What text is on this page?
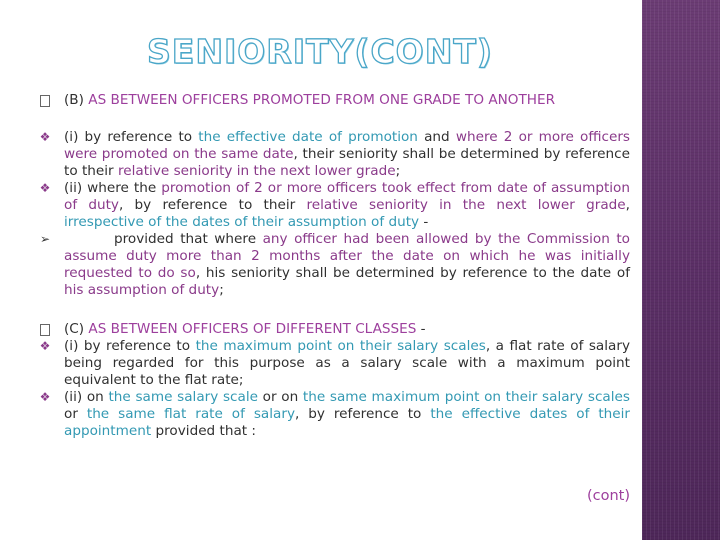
SENIORITY(CONT)
(B) AS BETWEEN OFFICERS PROMOTED FROM ONE GRADE TO ANOTHER
❖ (i) by reference to the effective date of promotion and where 2 or more officers were promoted on the same date, their seniority shall be determined by reference to their relative seniority in the next lower grade;
❖ (ii) where the promotion of 2 or more officers took effect from date of assumption of duty, by reference to their relative seniority in the next lower grade, irrespective of the dates of their assumption of duty -
➢	provided that where any officer had been allowed by the Commission to assume duty more than 2 months after the date on which he was initially requested to do so, his seniority shall be determined by reference to the date of his assumption of duty;
(C) AS BETWEEN OFFICERS OF DIFFERENT CLASSES -
❖ (i) by reference to the maximum point on their salary scales, a flat rate of salary being regarded for this purpose as a salary scale with a maximum point equivalent to the flat rate;
❖ (ii) on the same salary scale or on the same maximum point on their salary scales or the same flat rate of salary, by reference to the effective dates of their appointment provided that :
(cont)
